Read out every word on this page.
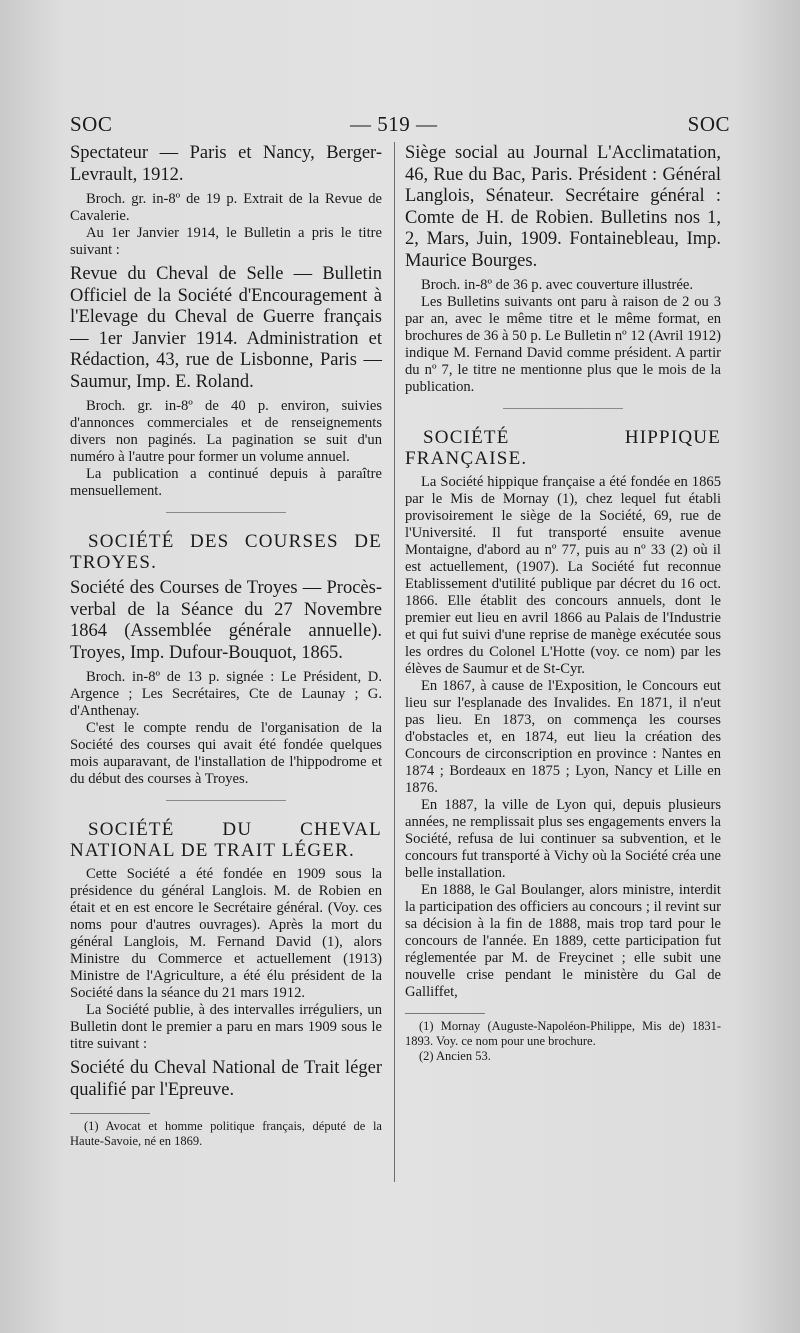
SOC	— 519 —	SOC

Spectateur — Paris et Nancy, Berger-Levrault, 1912.

Broch. gr. in-8º de 19 p. Extrait de la Revue de Cavalerie.

Au 1er Janvier 1914, le Bulletin a pris le titre suivant :

Revue du Cheval de Selle — Bulletin Officiel de la Société d'Encouragement à l'Elevage du Cheval de Guerre français — 1er Janvier 1914. Administration et Rédaction, 43, rue de Lisbonne, Paris — Saumur, Imp. E. Roland.

Broch. gr. in-8º de 40 p. environ, suivies d'annonces commerciales et de renseignements divers non paginés. La pagination se suit d'un numéro à l'autre pour former un volume annuel.

La publication a continué depuis à paraître mensuellement.

SOCIÉTÉ DES COURSES DE TROYES.

Société des Courses de Troyes — Procès-verbal de la Séance du 27 Novembre 1864 (Assemblée générale annuelle). Troyes, Imp. Dufour-Bouquot, 1865.

Broch. in-8º de 13 p. signée : Le Président, D. Argence ; Les Secrétaires, Cte de Launay ; G. d'Anthenay.

C'est le compte rendu de l'organisation de la Société des courses qui avait été fondée quelques mois auparavant, de l'installation de l'hippodrome et du début des courses à Troyes.

SOCIÉTÉ DU CHEVAL NATIONAL DE TRAIT LÉGER.

Cette Société a été fondée en 1909 sous la présidence du général Langlois. M. de Robien en était et en est encore le Secrétaire général. (Voy. ces noms pour d'autres ouvrages). Après la mort du général Langlois, M. Fernand David (1), alors Ministre du Commerce et actuellement (1913) Ministre de l'Agriculture, a été élu président de la Société dans la séance du 21 mars 1912.

La Société publie, à des intervalles irréguliers, un Bulletin dont le premier a paru en mars 1909 sous le titre suivant :

Société du Cheval National de Trait léger qualifié par l'Epreuve.

(1) Avocat et homme politique français, député de la Haute-Savoie, né en 1869.

Siège social au Journal L'Acclimatation, 46, Rue du Bac, Paris. Président : Général Langlois, Sénateur. Secrétaire général : Comte de H. de Robien. Bulletins nos 1, 2, Mars, Juin, 1909. Fontainebleau, Imp. Maurice Bourges.

Broch. in-8º de 36 p. avec couverture illustrée.

Les Bulletins suivants ont paru à raison de 2 ou 3 par an, avec le même titre et le même format, en brochures de 36 à 50 p. Le Bulletin nº 12 (Avril 1912) indique M. Fernand David comme président. A partir du nº 7, le titre ne mentionne plus que le mois de la publication.

SOCIÉTÉ HIPPIQUE FRANÇAISE.

La Société hippique française a été fondée en 1865 par le Mis de Mornay (1), chez lequel fut établi provisoirement le siège de la Société, 69, rue de l'Université. Il fut transporté ensuite avenue Montaigne, d'abord au nº 77, puis au nº 33 (2) où il est actuellement, (1907). La Société fut reconnue Etablissement d'utilité publique par décret du 16 oct. 1866. Elle établit des concours annuels, dont le premier eut lieu en avril 1866 au Palais de l'Industrie et qui fut suivi d'une reprise de manège exécutée sous les ordres du Colonel L'Hotte (voy. ce nom) par les élèves de Saumur et de St-Cyr.

En 1867, à cause de l'Exposition, le Concours eut lieu sur l'esplanade des Invalides. En 1871, il n'eut pas lieu. En 1873, on commença les courses d'obstacles et, en 1874, eut lieu la création des Concours de circonscription en province : Nantes en 1874 ; Bordeaux en 1875 ; Lyon, Nancy et Lille en 1876.

En 1887, la ville de Lyon qui, depuis plusieurs années, ne remplissait plus ses engagements envers la Société, refusa de lui continuer sa subvention, et le concours fut transporté à Vichy où la Société créa une belle installation.

En 1888, le Gal Boulanger, alors ministre, interdit la participation des officiers au concours ; il revint sur sa décision à la fin de 1888, mais trop tard pour le concours de l'année. En 1889, cette participation fut réglementée par M. de Freycinet ; elle subit une nouvelle crise pendant le ministère du Gal de Galliffet,

(1) Mornay (Auguste-Napoléon-Philippe, Mis de) 1831-1893. Voy. ce nom pour une brochure.

(2) Ancien 53.
